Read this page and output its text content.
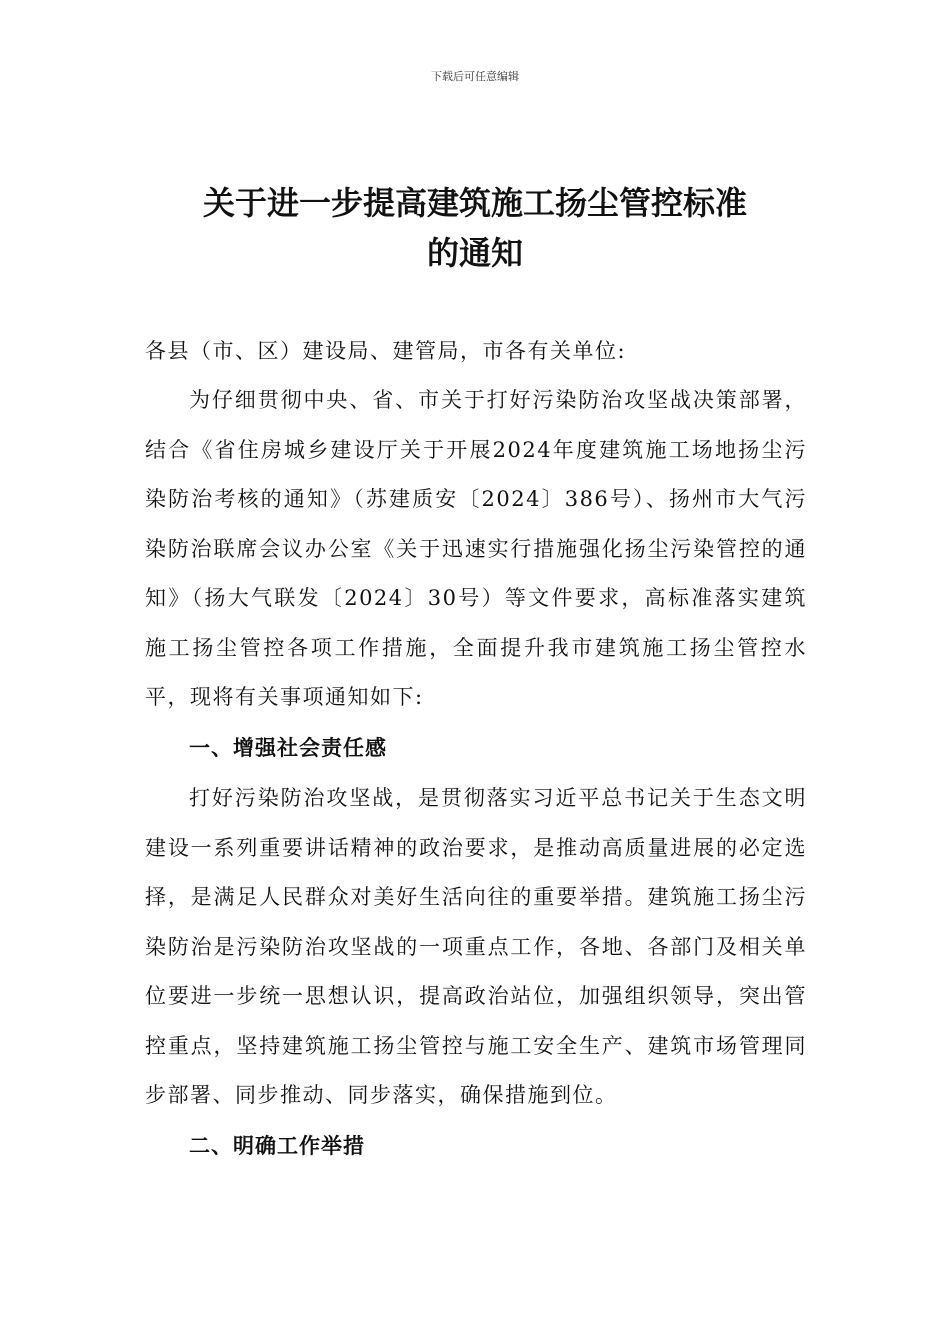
下载后可任意编辑
关于进一步提高建筑施工扬尘管控标准
的通知

各县（市、区）建设局、建管局，市各有关单位:

为仔细贯彻中央、省、市关于打好污染防治攻坚战决策部署，结合《省住房城乡建设厅关于开展2024年度建筑施工场地扬尘污染防治考核的通知》（苏建质安〔2024〕386号）、扬州市大气污染防治联席会议办公室《关于迅速实行措施强化扬尘污染管控的通知》（扬大气联发〔2024〕30号）等文件要求，高标准落实建筑施工扬尘管控各项工作措施，全面提升我市建筑施工扬尘管控水平，现将有关事项通知如下:

一、增强社会责任感

打好污染防治攻坚战，是贯彻落实习近平总书记关于生态文明建设一系列重要讲话精神的政治要求，是推动高质量进展的必定选择，是满足人民群众对美好生活向往的重要举措。建筑施工扬尘污染防治是污染防治攻坚战的一项重点工作，各地、各部门及相关单位要进一步统一思想认识，提高政治站位，加强组织领导，突出管控重点，坚持建筑施工扬尘管控与施工安全生产、建筑市场管理同步部署、同步推动、同步落实，确保措施到位。

二、明确工作举措
